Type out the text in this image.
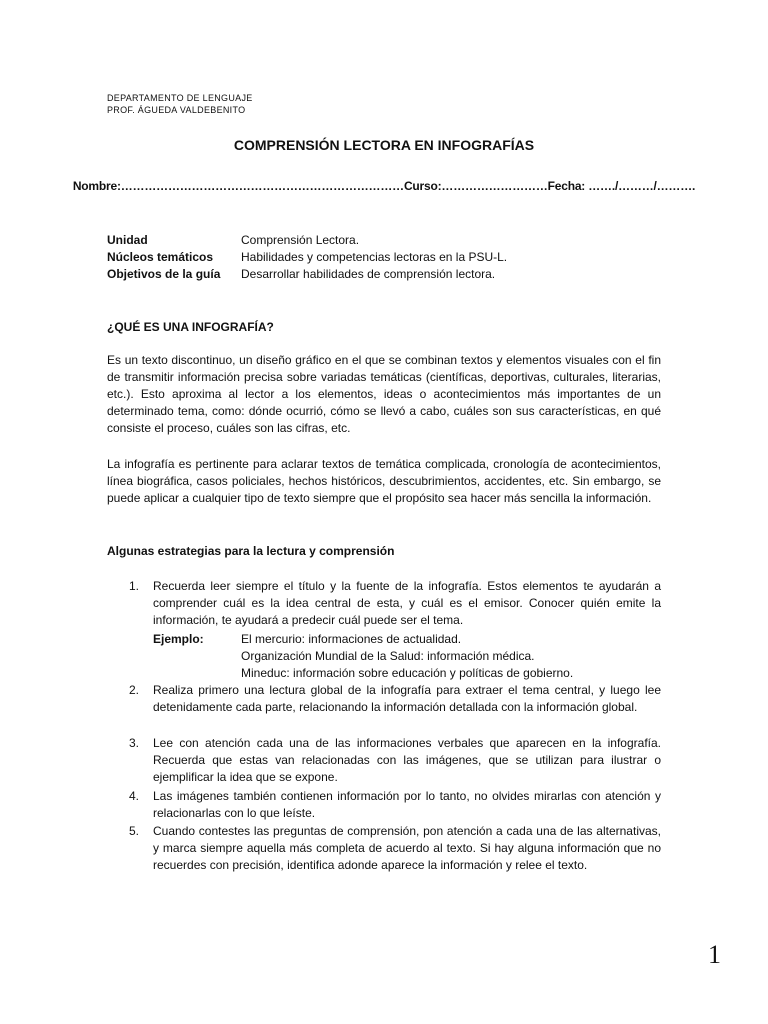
DEPARTAMENTO DE LENGUAJE
PROF. ÁGUEDA VALDEBENITO
COMPRENSIÓN LECTORA EN INFOGRAFÍAS
Nombre:………………………………………………………………Curso:………………………Fecha: ……./………/……….
Unidad	Comprensión Lectora.
Núcleos temáticos	Habilidades y competencias lectoras en la PSU-L.
Objetivos de la guía	Desarrollar habilidades de comprensión lectora.
¿QUÉ ES UNA INFOGRAFÍA?
Es un texto discontinuo, un diseño gráfico en el que se combinan textos y elementos visuales con el fin de transmitir información precisa sobre variadas temáticas (científicas, deportivas, culturales, literarias, etc.). Esto aproxima al lector a los elementos, ideas o acontecimientos más importantes de un determinado tema, como: dónde ocurrió, cómo se llevó a cabo, cuáles son sus características, en qué consiste el proceso, cuáles son las cifras, etc.
La infografía es pertinente para aclarar textos de temática complicada, cronología de acontecimientos, línea biográfica, casos policiales, hechos históricos, descubrimientos, accidentes, etc. Sin embargo, se puede aplicar a cualquier tipo de texto siempre que el propósito sea hacer más sencilla la información.
Algunas estrategias para la lectura y comprensión
1. Recuerda leer siempre el título y la fuente de la infografía. Estos elementos te ayudarán a comprender cuál es la idea central de esta, y cuál es el emisor. Conocer quién emite la información, te ayudará a predecir cuál puede ser el tema.
Ejemplo:	El mercurio: informaciones de actualidad.
Organización Mundial de la Salud: información médica.
Mineduc: información sobre educación y políticas de gobierno.
2. Realiza primero una lectura global de la infografía para extraer el tema central, y luego lee detenidamente cada parte, relacionando la información detallada con la información global.
3. Lee con atención cada una de las informaciones verbales que aparecen en la infografía. Recuerda que estas van relacionadas con las imágenes, que se utilizan para ilustrar o ejemplificar la idea que se expone.
4. Las imágenes también contienen información por lo tanto, no olvides mirarlas con atención y relacionarlas con lo que leíste.
5. Cuando contestes las preguntas de comprensión, pon atención a cada una de las alternativas, y marca siempre aquella más completa de acuerdo al texto. Si hay alguna información que no recuerdes con precisión, identifica adonde aparece la información y relee el texto.
1
